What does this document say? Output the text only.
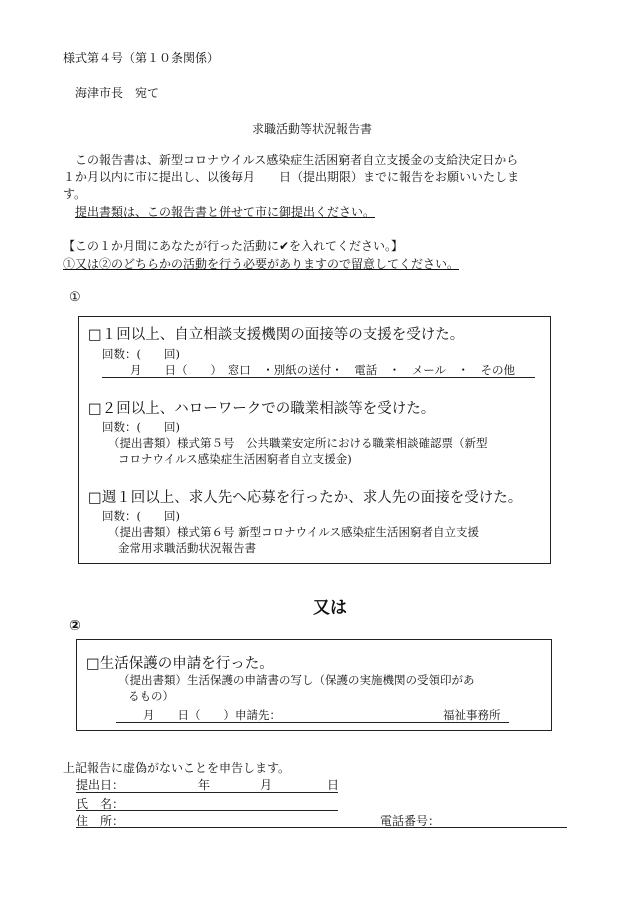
様式第４号（第１０条関係）
海津市長　宛て
求職活動等状況報告書
この報告書は、新型コロナウイルス感染症生活困窮者自立支援金の支給決定日から
１か月以内に市に提出し、以後毎月　　日（提出期限）までに報告をお願いいたしま
す。
提出書類は、この報告書と併せて市に御提出ください。
【この１か月間にあなたが行った活動に✔を入れてください。】
①又は②のどちらかの活動を行う必要がありますので留意してください。
①
□１回以上、自立相談支援機関の面接等の支援を受けた。
回数：(　　回)
月　　日（　　）　窓口　・別紙の送付・　電話　・　メール　・　その他
□２回以上、ハローワークでの職業相談等を受けた。
回数：(　　回)
（提出書類）様式第５号　公共職業安定所における職業相談確認票（新型
コロナウイルス感染症生活困窮者自立支援金)
□週１回以上、求人先へ応募を行ったか、求人先の面接を受けた。
回数：(　　回)
（提出書類）様式第６号 新型コロナウイルス感染症生活困窮者自立支援
金常用求職活動状況報告書
又は
②
□生活保護の申請を行った。
（提出書類）生活保護の申請書の写し（保護の実施機関の受領印があ
るもの）
月　　日（　　）申請先：	福祉事務所
上記報告に虚偽がないことを申告します。
提出日：	年	月	日
氏　名：
住　所：	電話番号：
